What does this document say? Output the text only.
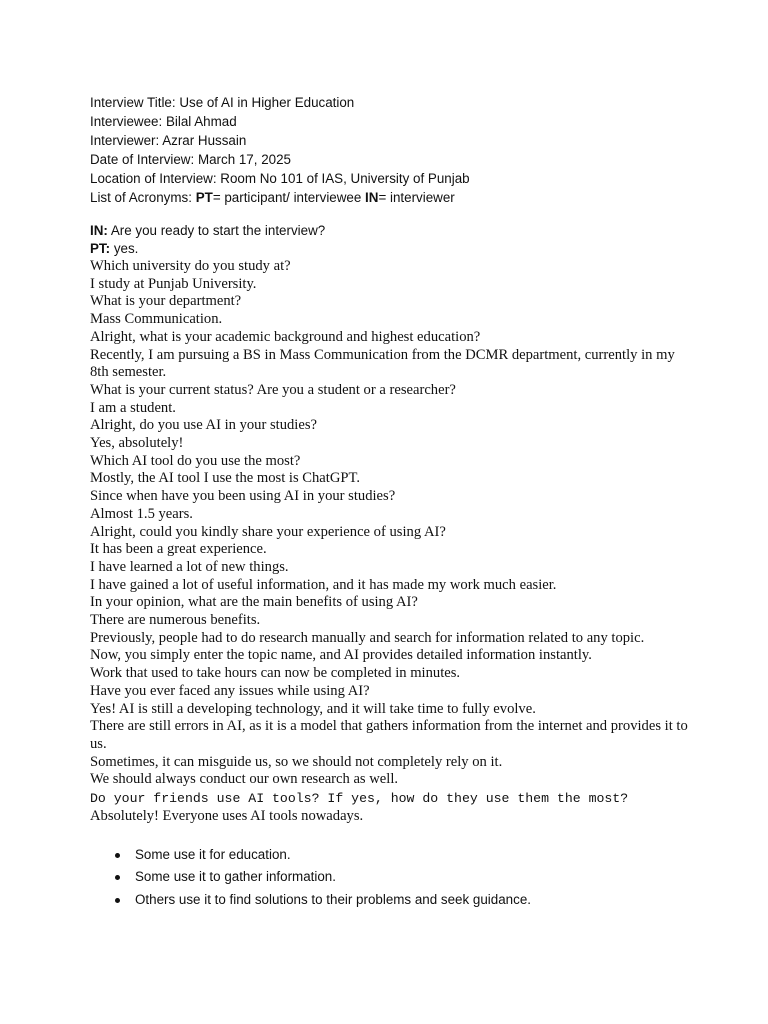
Interview Title: Use of AI in Higher Education
Interviewee: Bilal Ahmad
Interviewer: Azrar Hussain
Date of Interview: March 17, 2025
Location of Interview: Room No 101 of IAS, University of Punjab
List of Acronyms: PT= participant/ interviewee IN= interviewer
IN: Are you ready to start the interview?
PT: yes.
Which university do you study at?
I study at Punjab University.
What is your department?
Mass Communication.
Alright, what is your academic background and highest education?
Recently, I am pursuing a BS in Mass Communication from the DCMR department, currently in my 8th semester.
What is your current status? Are you a student or a researcher?
I am a student.
Alright, do you use AI in your studies?
Yes, absolutely!
Which AI tool do you use the most?
Mostly, the AI tool I use the most is ChatGPT.
Since when have you been using AI in your studies?
Almost 1.5 years.
Alright, could you kindly share your experience of using AI?
It has been a great experience.
I have learned a lot of new things.
I have gained a lot of useful information, and it has made my work much easier.
In your opinion, what are the main benefits of using AI?
There are numerous benefits.
Previously, people had to do research manually and search for information related to any topic.
Now, you simply enter the topic name, and AI provides detailed information instantly.
Work that used to take hours can now be completed in minutes.
Have you ever faced any issues while using AI?
Yes! AI is still a developing technology, and it will take time to fully evolve.
There are still errors in AI, as it is a model that gathers information from the internet and provides it to us.
Sometimes, it can misguide us, so we should not completely rely on it.
We should always conduct our own research as well.
Do your friends use AI tools? If yes, how do they use them the most?
Absolutely! Everyone uses AI tools nowadays.
Some use it for education.
Some use it to gather information.
Others use it to find solutions to their problems and seek guidance.
